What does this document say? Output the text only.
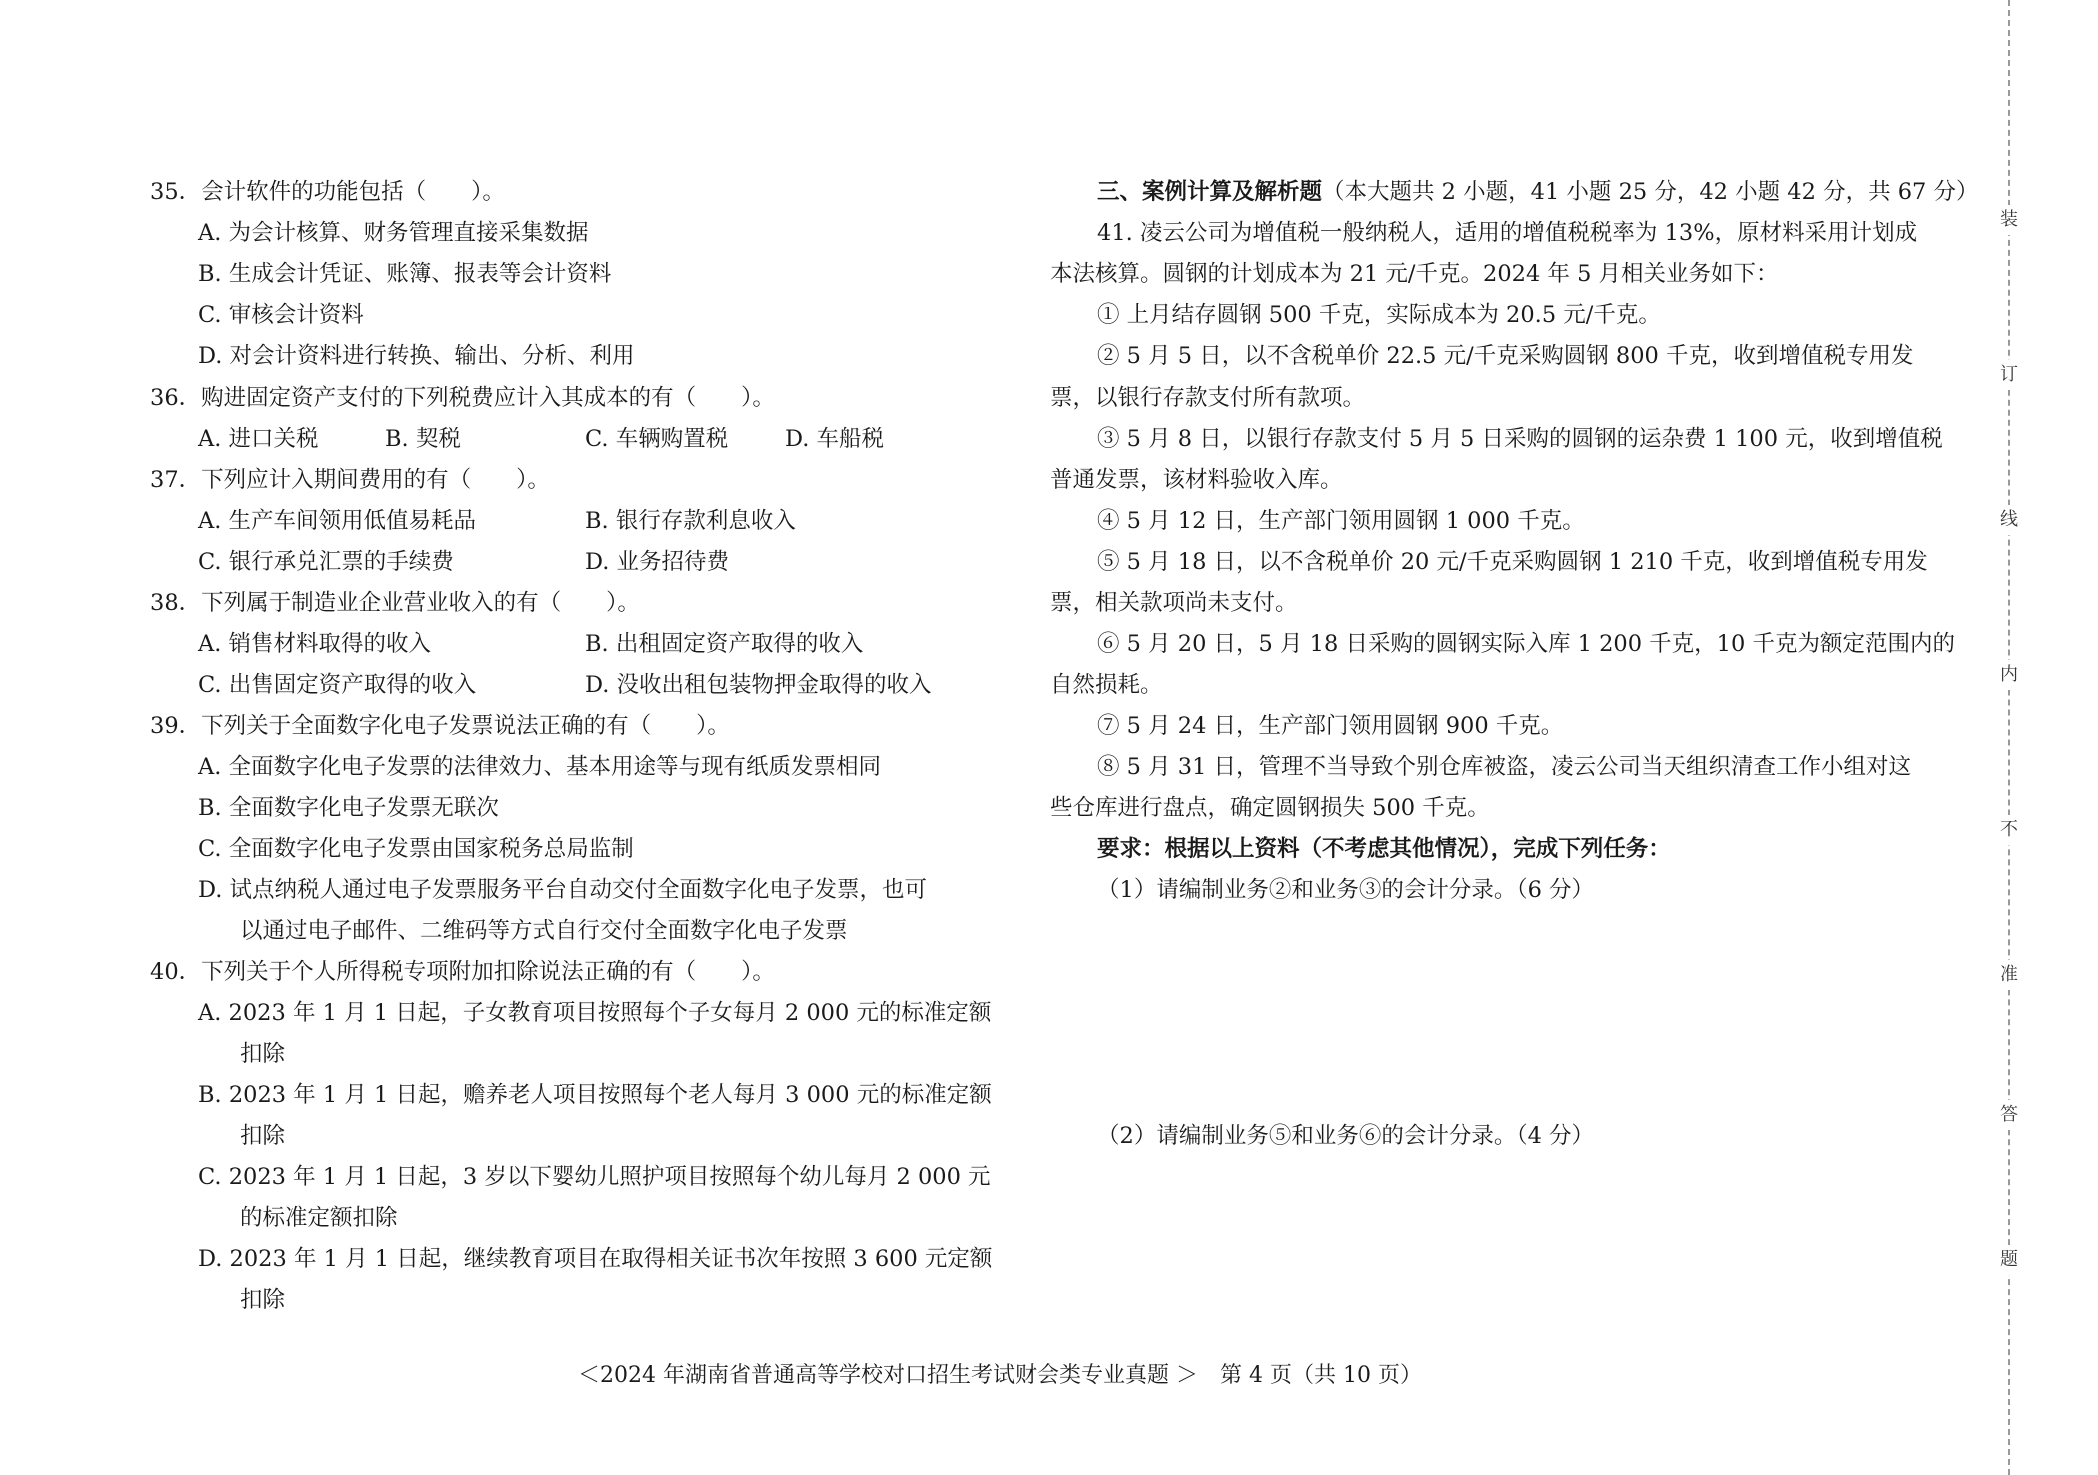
35．会计软件的功能包括（　　）。
A. 为会计核算、财务管理直接采集数据
B. 生成会计凭证、账簿、报表等会计资料
C. 审核会计资料
D. 对会计资料进行转换、输出、分析、利用
36．购进固定资产支付的下列税费应计入其成本的有（　　）。
A. 进口关税	B. 契税	C. 车辆购置税	D. 车船税
37．下列应计入期间费用的有（　　）。
A. 生产车间领用低值易耗品	B. 银行存款利息收入
C. 银行承兑汇票的手续费	D. 业务招待费
38．下列属于制造业企业营业收入的有（　　）。
A. 销售材料取得的收入	B. 出租固定资产取得的收入
C. 出售固定资产取得的收入	D. 没收出租包装物押金取得的收入
39．下列关于全面数字化电子发票说法正确的有（　　）。
A. 全面数字化电子发票的法律效力、基本用途等与现有纸质发票相同
B. 全面数字化电子发票无联次
C. 全面数字化电子发票由国家税务总局监制
D. 试点纳税人通过电子发票服务平台自动交付全面数字化电子发票，也可
以通过电子邮件、二维码等方式自行交付全面数字化电子发票
40．下列关于个人所得税专项附加扣除说法正确的有（　　）。
A. 2023 年 1 月 1 日起，子女教育项目按照每个子女每月 2 000 元的标准定额
扣除
B. 2023 年 1 月 1 日起，赡养老人项目按照每个老人每月 3 000 元的标准定额
扣除
C. 2023 年 1 月 1 日起，3 岁以下婴幼儿照护项目按照每个幼儿每月 2 000 元
的标准定额扣除
D. 2023 年 1 月 1 日起，继续教育项目在取得相关证书次年按照 3 600 元定额
扣除
三、案例计算及解析题（本大题共 2 小题，41 小题 25 分，42 小题 42 分，共 67 分）
41. 凌云公司为增值税一般纳税人，适用的增值税税率为 13%，原材料采用计划成
本法核算。圆钢的计划成本为 21 元/千克。2024 年 5 月相关业务如下：
① 上月结存圆钢 500 千克，实际成本为 20.5 元/千克。
② 5 月 5 日，以不含税单价 22.5 元/千克采购圆钢 800 千克，收到增值税专用发
票，以银行存款支付所有款项。
③ 5 月 8 日，以银行存款支付 5 月 5 日采购的圆钢的运杂费 1 100 元，收到增值税
普通发票，该材料验收入库。
④ 5 月 12 日，生产部门领用圆钢 1 000 千克。
⑤ 5 月 18 日，以不含税单价 20 元/千克采购圆钢 1 210 千克，收到增值税专用发
票，相关款项尚未支付。
⑥ 5 月 20 日，5 月 18 日采购的圆钢实际入库 1 200 千克，10 千克为额定范围内的
自然损耗。
⑦ 5 月 24 日，生产部门领用圆钢 900 千克。
⑧ 5 月 31 日，管理不当导致个别仓库被盗，凌云公司当天组织清查工作小组对这
些仓库进行盘点，确定圆钢损失 500 千克。
要求：根据以上资料（不考虑其他情况），完成下列任务：
（1）请编制业务②和业务③的会计分录。（6 分）
（2）请编制业务⑤和业务⑥的会计分录。（4 分）
装
订
线
内
不
准
答
题
＜2024 年湖南省普通高等学校对口招生考试财会类专业真题 ＞　第 4 页（共 10 页）
